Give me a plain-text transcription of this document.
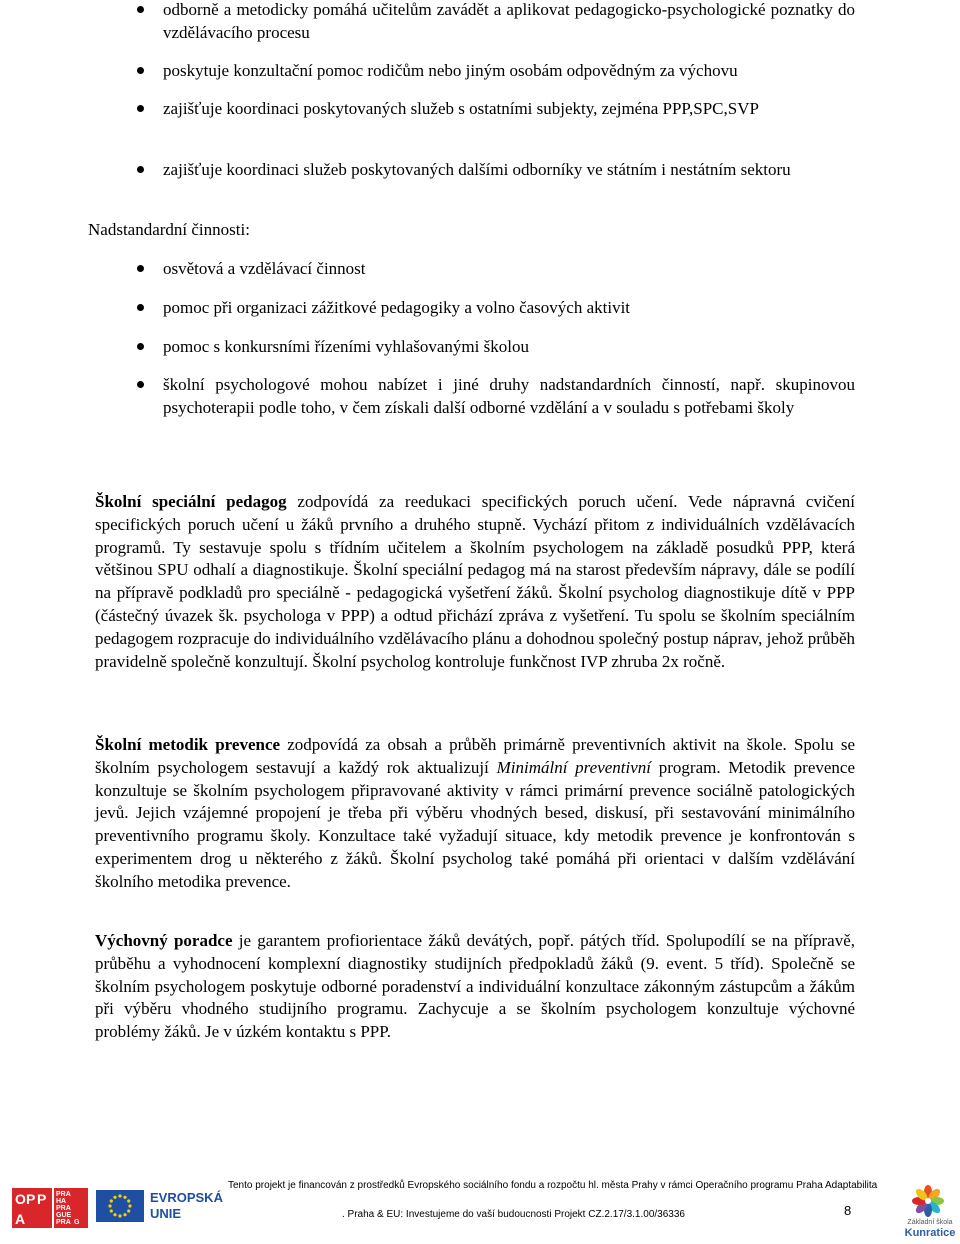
odborně a metodicky pomáhá učitelům zavádět a aplikovat pedagogicko-psychologické poznatky do vzdělávacího procesu
poskytuje konzultační pomoc rodičům nebo jiným osobám odpovědným za výchovu
zajišťuje koordinaci poskytovaných služeb s ostatními subjekty, zejména PPP,SPC,SVP
zajišťuje koordinaci služeb poskytovaných dalšími odborníky ve státním i nestátním sektoru
Nadstandardní činnosti:
osvětová a vzdělávací činnost
pomoc při organizaci zážitkové pedagogiky a volno časových aktivit
pomoc s konkursními řízeními vyhlašovanými školou
školní psychologové mohou nabízet i jiné druhy nadstandardních činností, např. skupinovou psychoterapii podle toho, v čem získali další odborné vzdělání a v souladu s potřebami školy

Školní speciální pedagog zodpovídá za reedukaci specifických poruch učení. Vede nápravná cvičení specifických poruch učení u žáků prvního a druhého stupně. Vychází přitom z individuálních vzdělávacích programů. Ty sestavuje spolu s třídním učitelem a školním psychologem na základě posudků PPP, která většinou SPU odhalí a diagnostikuje. Školní speciální pedagog má na starost především nápravy, dále se podílí na přípravě podkladů pro speciálně - pedagogická vyšetření žáků. Školní psycholog diagnostikuje dítě v PPP (částečný úvazek šk. psychologa v PPP) a odtud přichází zpráva z vyšetření. Tu spolu se školním speciálním pedagogem rozpracuje do individuálního vzdělávacího plánu a dohodnou společný postup náprav, jehož průběh pravidelně společně konzultují. Školní psycholog kontroluje funkčnost IVP zhruba 2x ročně.

Školní metodik prevence zodpovídá za obsah a průběh primárně preventivních aktivit na škole. Spolu se školním psychologem sestavují a každý rok aktualizují Minimální preventivní program. Metodik prevence konzultuje se školním psychologem připravované aktivity v rámci primární prevence sociálně patologických jevů. Jejich vzájemné propojení je třeba při výběru vhodných besed, diskusí, při sestavování minimálního preventivního programu školy. Konzultace také vyžadují situace, kdy metodik prevence je konfrontován s experimentem drog u některého z žáků. Školní psycholog také pomáhá při orientaci v dalším vzdělávání školního metodika prevence.

Výchovný poradce je garantem profiorientace žáků devátých, popř. pátých tříd. Spolupodílí se na přípravě, průběhu a vyhodnocení komplexní diagnostiky studijních předpokladů žáků (9. event. 5 tříd). Společně se školním psychologem poskytuje odborné poradenství a individuální konzultace zákonným zástupcům a žákům při výběru vhodného studijního programu. Zachycuje a se školním psychologem konzultuje výchovné problémy žáků. Je v úzkém kontaktu s PPP.

O P P
A
PRA
HA
PRA
GUE
PRA G
EVROPSKÁ
UNIE
Tento projekt je financován z prostředků Evropského sociálního fondu a rozpočtu hl. města Prahy v rámci Operačního programu Praha Adaptabilita
. Praha & EU: Investujeme do vaší budoucnosti Projekt CZ.2.17/3.1.00/36336	8
Základní škola
Kunratice
